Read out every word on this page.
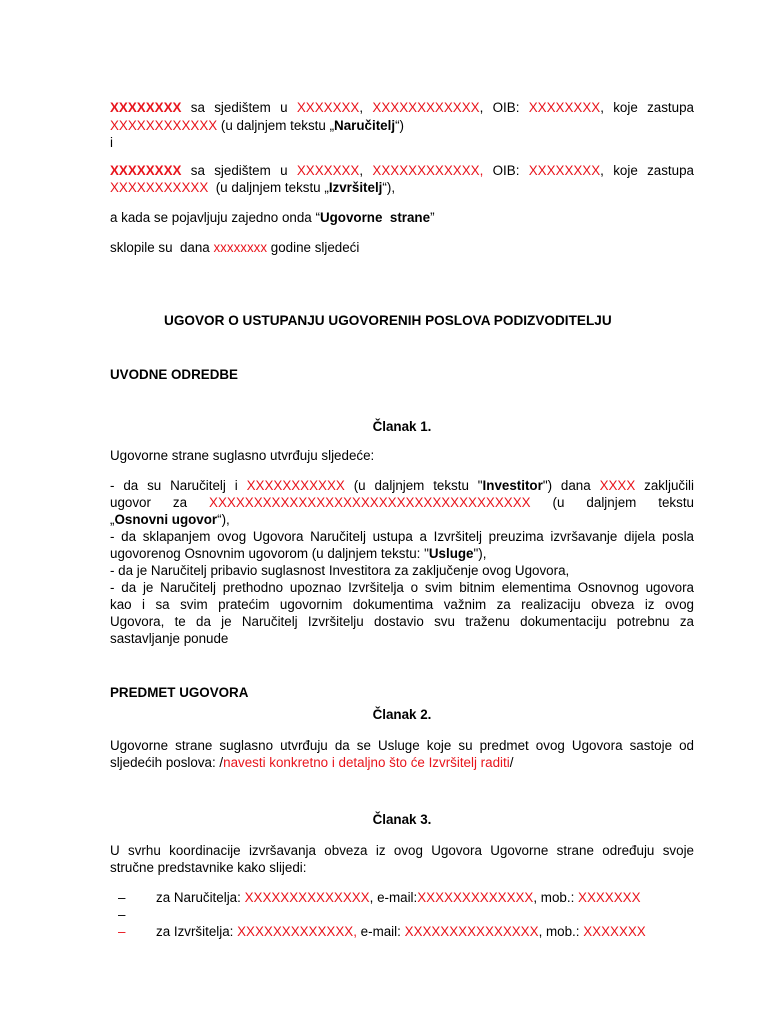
XXXXXXXX sa sjedištem u XXXXXXX, XXXXXXXXXXXX, OIB: XXXXXXXX, koje zastupa

XXXXXXXXXXXX (u daljnjem tekstu „Naručitelj“)

i

XXXXXXXX sa sjedištem u XXXXXXX, XXXXXXXXXXXX, OIB: XXXXXXXX, koje zastupa

XXXXXXXXXXX  (u daljnjem tekstu „Izvršitelj“),

a kada se pojavljuju zajedno onda “Ugovorne  strane”

sklopile su  dana xxxxxxxx godine sljedeći

UGOVOR O USTUPANJU UGOVORENIH POSLOVA PODIZVODITELJU

UVODNE ODREDBE

Članak 1.

Ugovorne strane suglasno utvrđuju sljedeće:

- da su Naručitelj i XXXXXXXXXXX (u daljnjem tekstu "Investitor") dana XXXX zaključili

ugovor za XXXXXXXXXXXXXXXXXXXXXXXXXXXXXXXXXXXX (u daljnjem tekstu

„Osnovni ugovor“),

- da sklapanjem ovog Ugovora Naručitelj ustupa a Izvršitelj preuzima izvršavanje dijela posla

ugovorenog Osnovnim ugovorom (u daljnjem tekstu: "Usluge"),

- da je Naručitelj pribavio suglasnost Investitora za zaključenje ovog Ugovora,

- da je Naručitelj prethodno upoznao Izvršitelja o svim bitnim elementima Osnovnog ugovora

kao i sa svim pratećim ugovornim dokumentima važnim za realizaciju obveza iz ovog

Ugovora, te da je Naručitelj Izvršitelju dostavio svu traženu dokumentaciju potrebnu za

sastavljanje ponude

PREDMET UGOVORA

Članak 2.

Ugovorne strane suglasno utvrđuju da se Usluge koje su predmet ovog Ugovora sastoje od

sljedećih poslova: /navesti konkretno i detaljno što će Izvršitelj raditi/

Članak 3.

U svrhu koordinacije izvršavanja obveza iz ovog Ugovora Ugovorne strane određuju svoje

stručne predstavnike kako slijedi:

– za Naručitelja: XXXXXXXXXXXXXX, e-mail:XXXXXXXXXXXXX, mob.: XXXXXXX

–

– za Izvršitelja: XXXXXXXXXXXXX, e-mail: XXXXXXXXXXXXXXX, mob.: XXXXXXX
